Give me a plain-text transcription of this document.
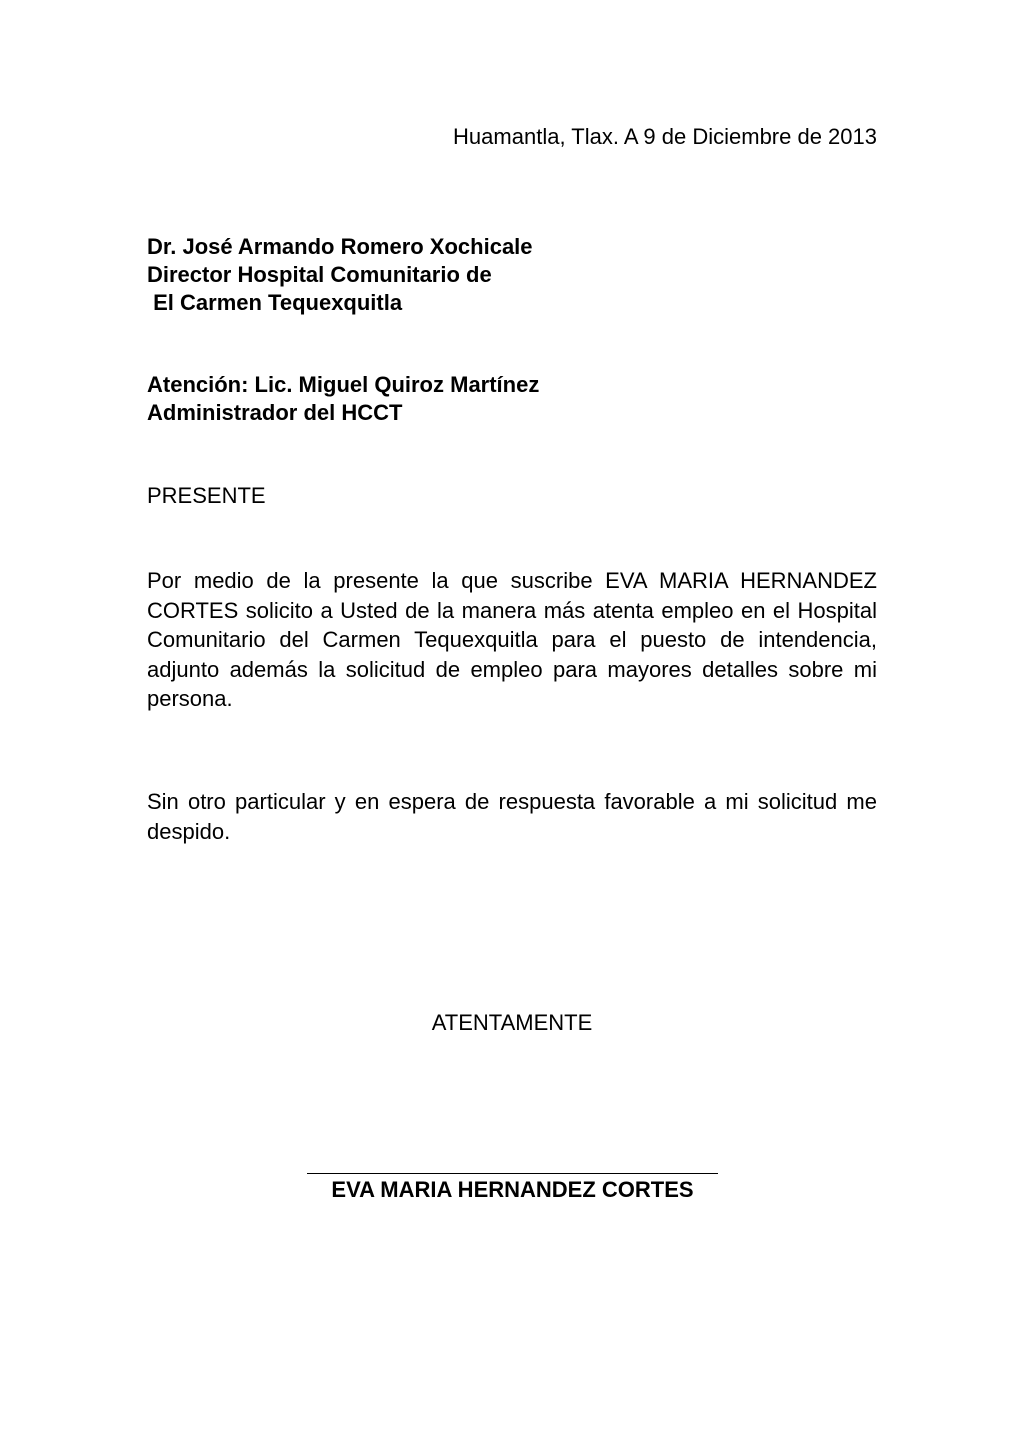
Huamantla, Tlax. A 9 de Diciembre de 2013

Dr. José Armando Romero Xochicale
Director Hospital Comunitario de
El Carmen Tequexquitla
Atención: Lic. Miguel Quiroz Martínez
Administrador del HCCT
PRESENTE

Por medio de la presente la que suscribe EVA MARIA HERNANDEZ CORTES solicito a Usted de la manera más atenta empleo en el Hospital Comunitario del Carmen Tequexquitla para el puesto de intendencia, adjunto además la solicitud de empleo para mayores detalles sobre mi persona.

Sin otro particular y en espera de respuesta favorable a mi solicitud me despido.

ATENTAMENTE

EVA MARIA HERNANDEZ CORTES
